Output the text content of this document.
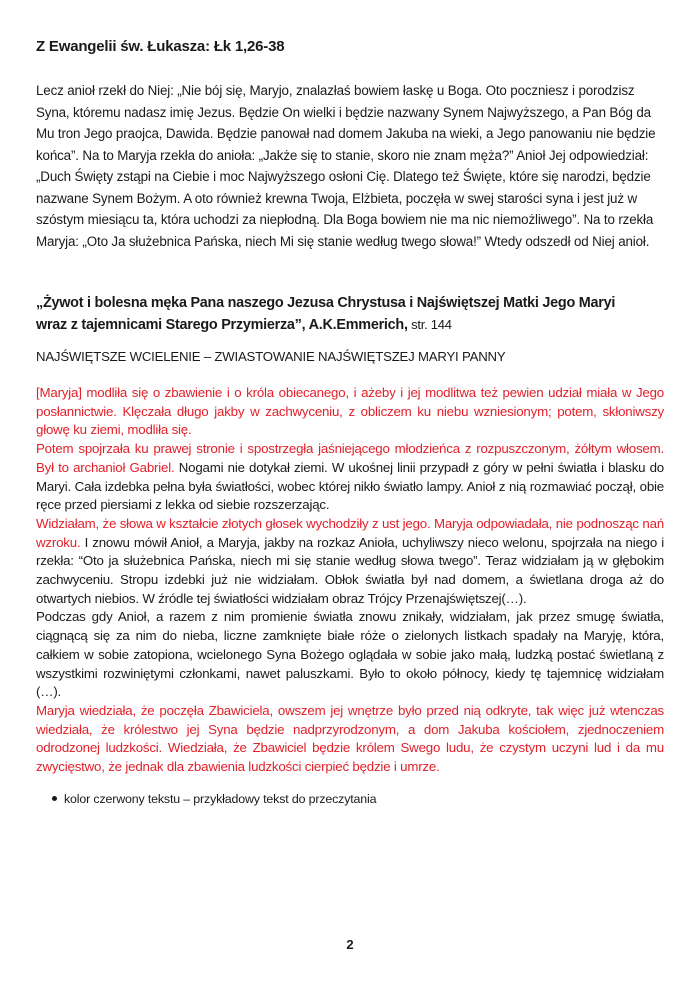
Z Ewangelii św. Łukasza: Łk 1,26-38
Lecz anioł rzekł do Niej: „Nie bój się, Maryjo, znalazłaś bowiem łaskę u Boga. Oto poczniesz i porodzisz Syna, któremu nadasz imię Jezus. Będzie On wielki i będzie nazwany Synem Najwyższego, a Pan Bóg da Mu tron Jego praojca, Dawida. Będzie panował nad domem Jakuba na wieki, a Jego panowaniu nie będzie końca”. Na to Maryja rzekła do anioła: „Jakże się to stanie, skoro nie znam męża?” Anioł Jej odpowiedział: „Duch Święty zstąpi na Ciebie i moc Najwyższego osłoni Cię. Dlatego też Święte, które się narodzi, będzie nazwane Synem Bożym. A oto również krewna Twoja, Elżbieta, poczęła w swej starości syna i jest już w szóstym miesiącu ta, która uchodzi za niepłodną. Dla Boga bowiem nie ma nic niemożliwego”. Na to rzekła Maryja: „Oto Ja służebnica Pańska, niech Mi się stanie według twego słowa!” Wtedy odszedł od Niej anioł.
„Żywot i bolesna męka Pana naszego Jezusa Chrystusa i Najświętszej Matki Jego Maryi
wraz z tajemnicami Starego Przymierza”, A.K.Emmerich, str. 144
NAJŚWIĘTSZE WCIELENIE – ZWIASTOWANIE NAJŚWIĘTSZEJ MARYI PANNY

[Maryja] modliła się o zbawienie i o króla obiecanego, i ażeby i jej modlitwa też pewien udział miała w Jego posłannictwie. Klęczała długo jakby w zachwyceniu, z obliczem ku niebu wzniesionym; potem, skłoniwszy głowę ku ziemi, modliła się.

Potem spojrzała ku prawej stronie i spostrzegła jaśniejącego młodzieńca z rozpuszczonym, żółtym włosem. Był to archanioł Gabriel. Nogami nie dotykał ziemi. W ukośnej linii przypadł z góry w pełni światła i blasku do Maryi. Cała izdebka pełna była światłości, wobec której nikło światło lampy. Anioł z nią rozmawiać począł, obie ręce przed piersiami z lekka od siebie rozszerzając.

Widziałam, że słowa w kształcie złotych głosek wychodziły z ust jego. Maryja odpowiadała, nie podnosząc nań wzroku. I znowu mówił Anioł, a Maryja, jakby na rozkaz Anioła, uchyliwszy nieco welonu, spojrzała na niego i rzekła: “Oto ja służebnica Pańska, niech mi się stanie według słowa twego”. Teraz widziałam ją w głębokim zachwyceniu. Stropu izdebki już nie widziałam. Obłok światła był nad domem, a świetlana droga aż do otwartych niebios. W źródle tej światłości widziałam obraz Trójcy Przenajświętszej(…).

Podczas gdy Anioł, a razem z nim promienie światła znowu znikały, widziałam, jak przez smugę światła, ciągnącą się za nim do nieba, liczne zamknięte białe róże o zielonych listkach spadały na Maryję, która, całkiem w sobie zatopiona, wcielonego Syna Bożego oglądała w sobie jako małą, ludzką postać świetlaną z wszystkimi rozwiniętymi członkami, nawet paluszkami. Było to około północy, kiedy tę tajemnicę widziałam (…).

Maryja wiedziała, że poczęła Zbawiciela, owszem jej wnętrze było przed nią odkryte, tak więc już wtenczas wiedziała, że królestwo jej Syna będzie nadprzyrodzonym, a dom Jakuba kościołem, zjednoczeniem odrodzonej ludzkości. Wiedziała, że Zbawiciel będzie królem Swego ludu, że czystym uczyni lud i da mu zwycięstwo, że jednak dla zbawienia ludzkości cierpieć będzie i umrze.

kolor czerwony tekstu – przykładowy tekst do przeczytania
2
